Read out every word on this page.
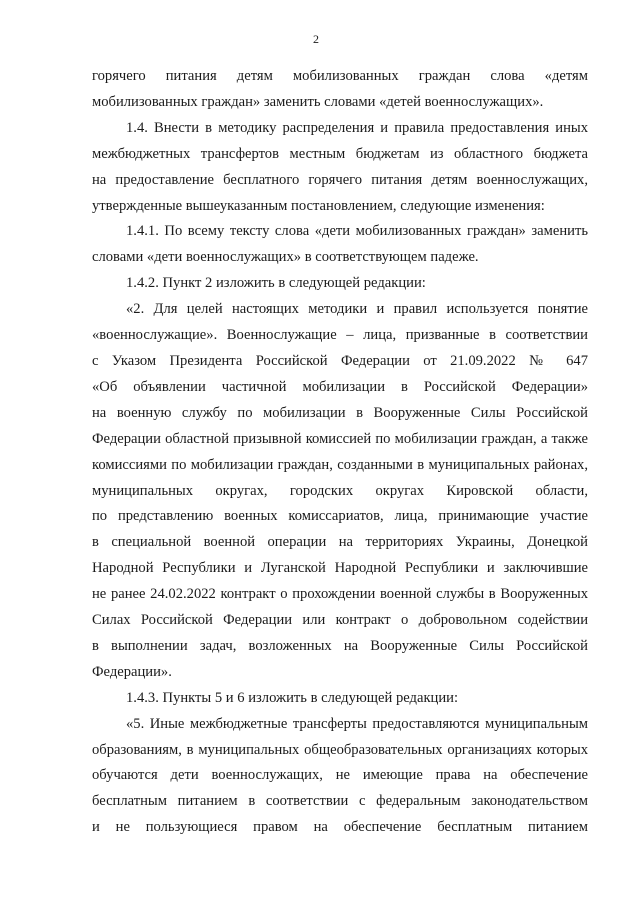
2

горячего питания детям мобилизованных граждан слова «детям

мобилизованных граждан» заменить словами «детей военнослужащих».

1.4. Внести в методику распределения и правила предоставления иных

межбюджетных трансфертов местным бюджетам из областного бюджета

на предоставление бесплатного горячего питания детям военнослужащих,

утвержденные вышеуказанным постановлением, следующие изменения:

1.4.1. По всему тексту слова «дети мобилизованных граждан» заменить

словами «дети военнослужащих» в соответствующем падеже.

1.4.2. Пункт 2 изложить в следующей редакции:

«2. Для целей настоящих методики и правил используется понятие

«военнослужащие». Военнослужащие – лица, призванные в соответствии

с Указом Президента Российской Федерации от 21.09.2022 № 647

«Об объявлении частичной мобилизации в Российской Федерации»

на военную службу по мобилизации в Вооруженные Силы Российской

Федерации областной призывной комиссией по мобилизации граждан, а также

комиссиями по мобилизации граждан, созданными в муниципальных районах,

муниципальных округах, городских округах Кировской области,

по представлению военных комиссариатов, лица, принимающие участие

в специальной военной операции на территориях Украины, Донецкой

Народной Республики и Луганской Народной Республики и заключившие

не ранее 24.02.2022 контракт о прохождении военной службы в Вооруженных

Силах Российской Федерации или контракт о добровольном содействии

в выполнении задач, возложенных на Вооруженные Силы Российской

Федерации».

1.4.3. Пункты 5 и 6 изложить в следующей редакции:

«5. Иные межбюджетные трансферты предоставляются муниципальным

образованиям, в муниципальных общеобразовательных организациях которых

обучаются дети военнослужащих, не имеющие права на обеспечение

бесплатным питанием в соответствии с федеральным законодательством

и не пользующиеся правом на обеспечение бесплатным питанием
